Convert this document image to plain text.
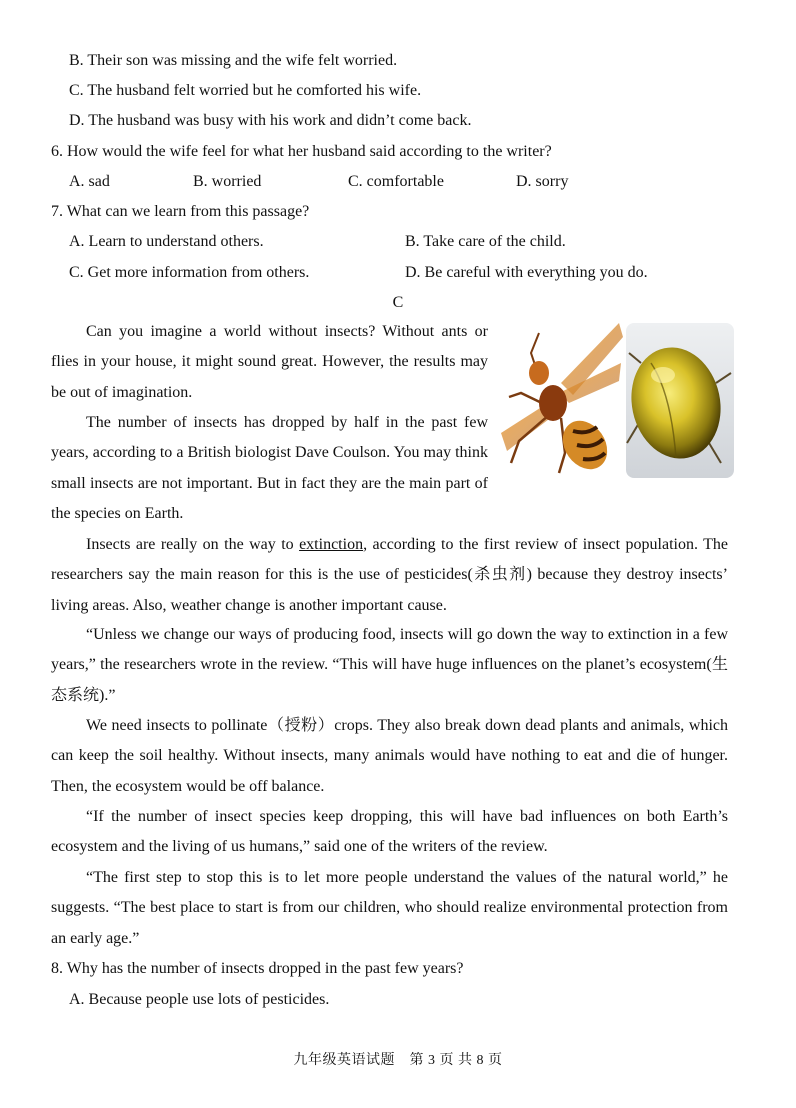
B. Their son was missing and the wife felt worried.
C. The husband felt worried but he comforted his wife.
D. The husband was busy with his work and didn’t come back.
6. How would the wife feel for what her husband said according to the writer?
A. sad	B. worried	C. comfortable	D. sorry
7. What can we learn from this passage?
A. Learn to understand others.	B. Take care of the child.
C. Get more information from others.	D. Be careful with everything you do.
C
Can you imagine a world without insects? Without ants or flies in your house, it might sound great. However, the results may be out of imagination.
The number of insects has dropped by half in the past few years, according to a British biologist Dave Coulson. You may think small insects are not important. But in fact they are the main part of the species on Earth.
Insects are really on the way to extinction, according to the first review of insect population. The researchers say the main reason for this is the use of pesticides(杀虫剂) because they destroy insects’ living areas. Also, weather change is another important cause.
“Unless we change our ways of producing food, insects will go down the way to extinction in a few years,” the researchers wrote in the review. “This will have huge influences on the planet’s ecosystem(生态系统).”
We need insects to pollinate（授粉）crops. They also break down dead plants and animals, which can keep the soil healthy. Without insects, many animals would have nothing to eat and die of hunger. Then, the ecosystem would be off balance.
“If the number of insect species keep dropping, this will have bad influences on both Earth’s ecosystem and the living of us humans,” said one of the writers of the review.
“The first step to stop this is to let more people understand the values of the natural world,” he suggests. “The best place to start is from our children, who should realize environmental protection from an early age.”
8. Why has the number of insects dropped in the past few years?
A. Because people use lots of pesticides.
九年级英语试题　第 3 页 共 8 页
